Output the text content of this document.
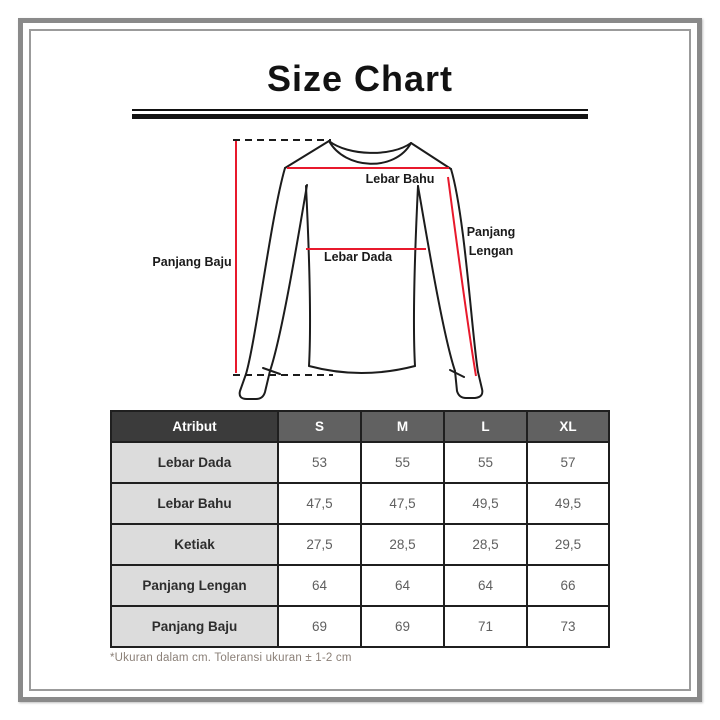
Size Chart
Lebar Bahu
Lebar Dada
Panjang
Lengan
Panjang Baju
Atribut	S	M	L	XL
Lebar Dada	53	55	55	57
Lebar Bahu	47,5	47,5	49,5	49,5
Ketiak	27,5	28,5	28,5	29,5
Panjang Lengan	64	64	64	66
Panjang Baju	69	69	71	73
*Ukuran dalam cm. Toleransi ukuran ± 1-2 cm
